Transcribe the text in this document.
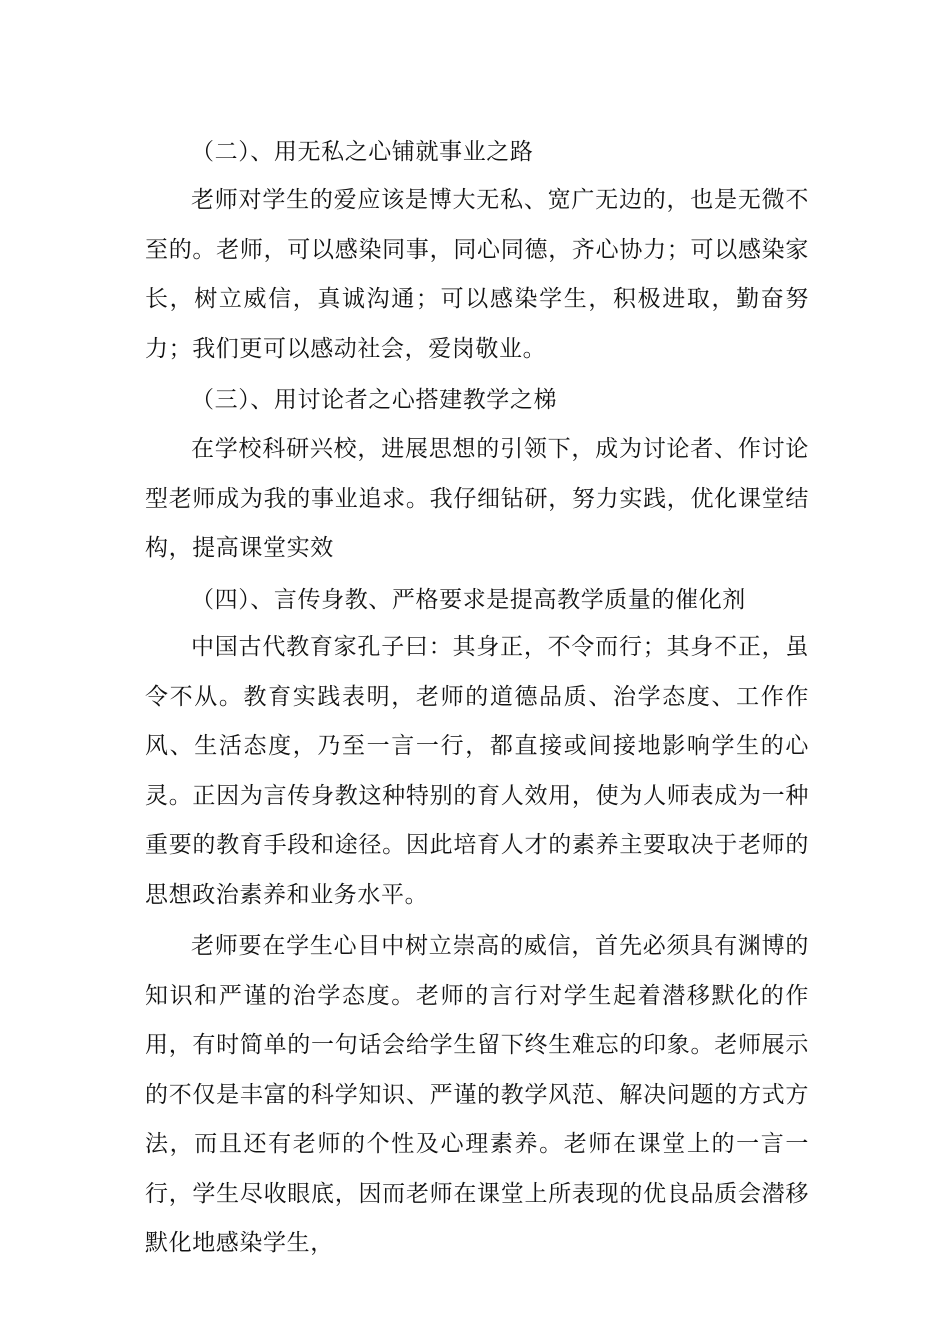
（二）、用无私之心铺就事业之路

老师对学生的爱应该是博大无私、宽广无边的，也是无微不至的。老师，可以感染同事，同心同德，齐心协力；可以感染家长，树立威信，真诚沟通；可以感染学生，积极进取，勤奋努力；我们更可以感动社会，爱岗敬业。

（三）、用讨论者之心搭建教学之梯

在学校科研兴校，进展思想的引领下，成为讨论者、作讨论型老师成为我的事业追求。我仔细钻研，努力实践，优化课堂结构，提高课堂实效

（四）、言传身教、严格要求是提高教学质量的催化剂

中国古代教育家孔子曰：其身正，不令而行；其身不正，虽令不从。教育实践表明，老师的道德品质、治学态度、工作作风、生活态度，乃至一言一行，都直接或间接地影响学生的心灵。正因为言传身教这种特别的育人效用，使为人师表成为一种重要的教育手段和途径。因此培育人才的素养主要取决于老师的思想政治素养和业务水平。

老师要在学生心目中树立崇高的威信，首先必须具有渊博的知识和严谨的治学态度。老师的言行对学生起着潜移默化的作用，有时简单的一句话会给学生留下终生难忘的印象。老师展示的不仅是丰富的科学知识、严谨的教学风范、解决问题的方式方法，而且还有老师的个性及心理素养。老师在课堂上的一言一行，学生尽收眼底，因而老师在课堂上所表现的优良品质会潜移默化地感染学生，
